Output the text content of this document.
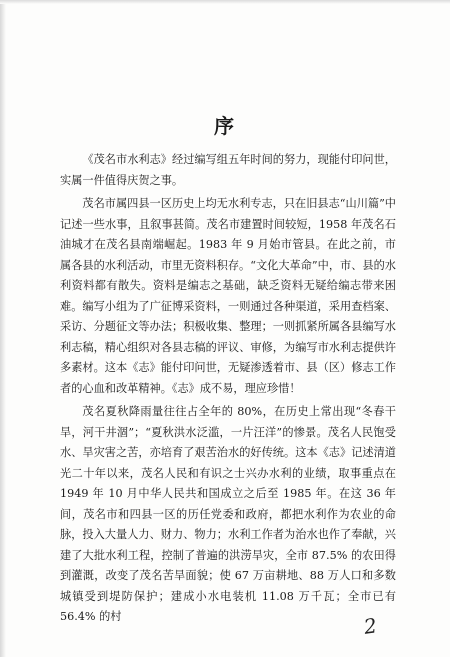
序

《茂名市水利志》经过编写组五年时间的努力，现能付印问世，实属一件值得庆贺之事。

茂名市属四县一区历史上均无水利专志，只在旧县志“山川篇”中记述一些水事，且叙事甚简。茂名市建置时间较短，1958 年茂名石油城才在茂名县南端崛起。1983 年 9 月始市管县。在此之前，市属各县的水利活动，市里无资料积存。“文化大革命”中，市、县的水利资料都有散失。资料是编志之基础，缺乏资料无疑给编志带来困难。编写小组为了广征博采资料，一则通过各种渠道，采用查档案、采访、分题征文等办法；积极收集、整理；一则抓紧所属各县编写水利志稿，精心组织对各县志稿的评议、审修，为编写市水利志提供许多素材。这本《志》能付印问世，无疑渗透着市、县（区）修志工作者的心血和改革精神。《志》成不易，理应珍惜！

茂名夏秋降雨量往往占全年的 80%，在历史上常出现“冬春干旱，河干井涸”；“夏秋洪水泛滥，一片汪洋”的惨景。茂名人民饱受水、旱灾害之苦，亦培育了艰苦治水的好传统。这本《志》记述清道光二十年以来，茂名人民和有识之士兴办水利的业绩，取事重点在 1949 年 10 月中华人民共和国成立之后至 1985 年。在这 36 年间，茂名市和四县一区的历任党委和政府，都把水利作为农业的命脉，投入大量人力、财力、物力；水利工作者为治水也作了奉献，兴建了大批水利工程，控制了普遍的洪涝旱灾，全市 87.5% 的农田得到灌溉，改变了茂名苦旱面貌；使 67 万亩耕地、88 万人口和多数城镇受到堤防保护；建成小水电装机 11.08 万千瓦；全市已有 56.4% 的村	2
